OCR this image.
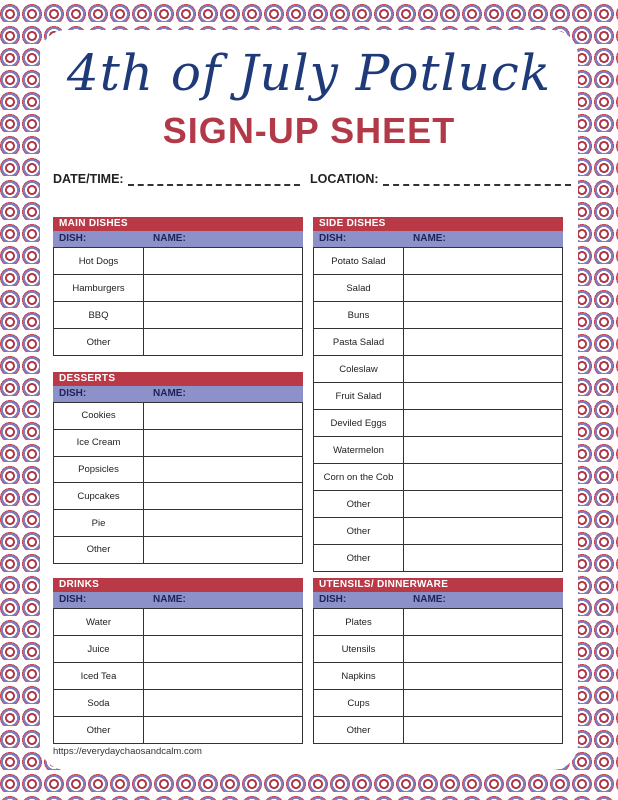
4th of July Potluck
SIGN-UP SHEET
DATE/TIME:	LOCATION:
MAIN DISHES
DISH:	NAME:
Hot Dogs
Hamburgers
BBQ
Other
DESSERTS
DISH:	NAME:
Cookies
Ice Cream
Popsicles
Cupcakes
Pie
Other
DRINKS
DISH:	NAME:
Water
Juice
Iced Tea
Soda
Other
SIDE DISHES
DISH:	NAME:
Potato Salad
Salad
Buns
Pasta Salad
Coleslaw
Fruit Salad
Deviled Eggs
Watermelon
Corn on the Cob
Other
Other
Other
UTENSILS/ DINNERWARE
DISH:	NAME:
Plates
Utensils
Napkins
Cups
Other
https://everydaychaosandcalm.com
